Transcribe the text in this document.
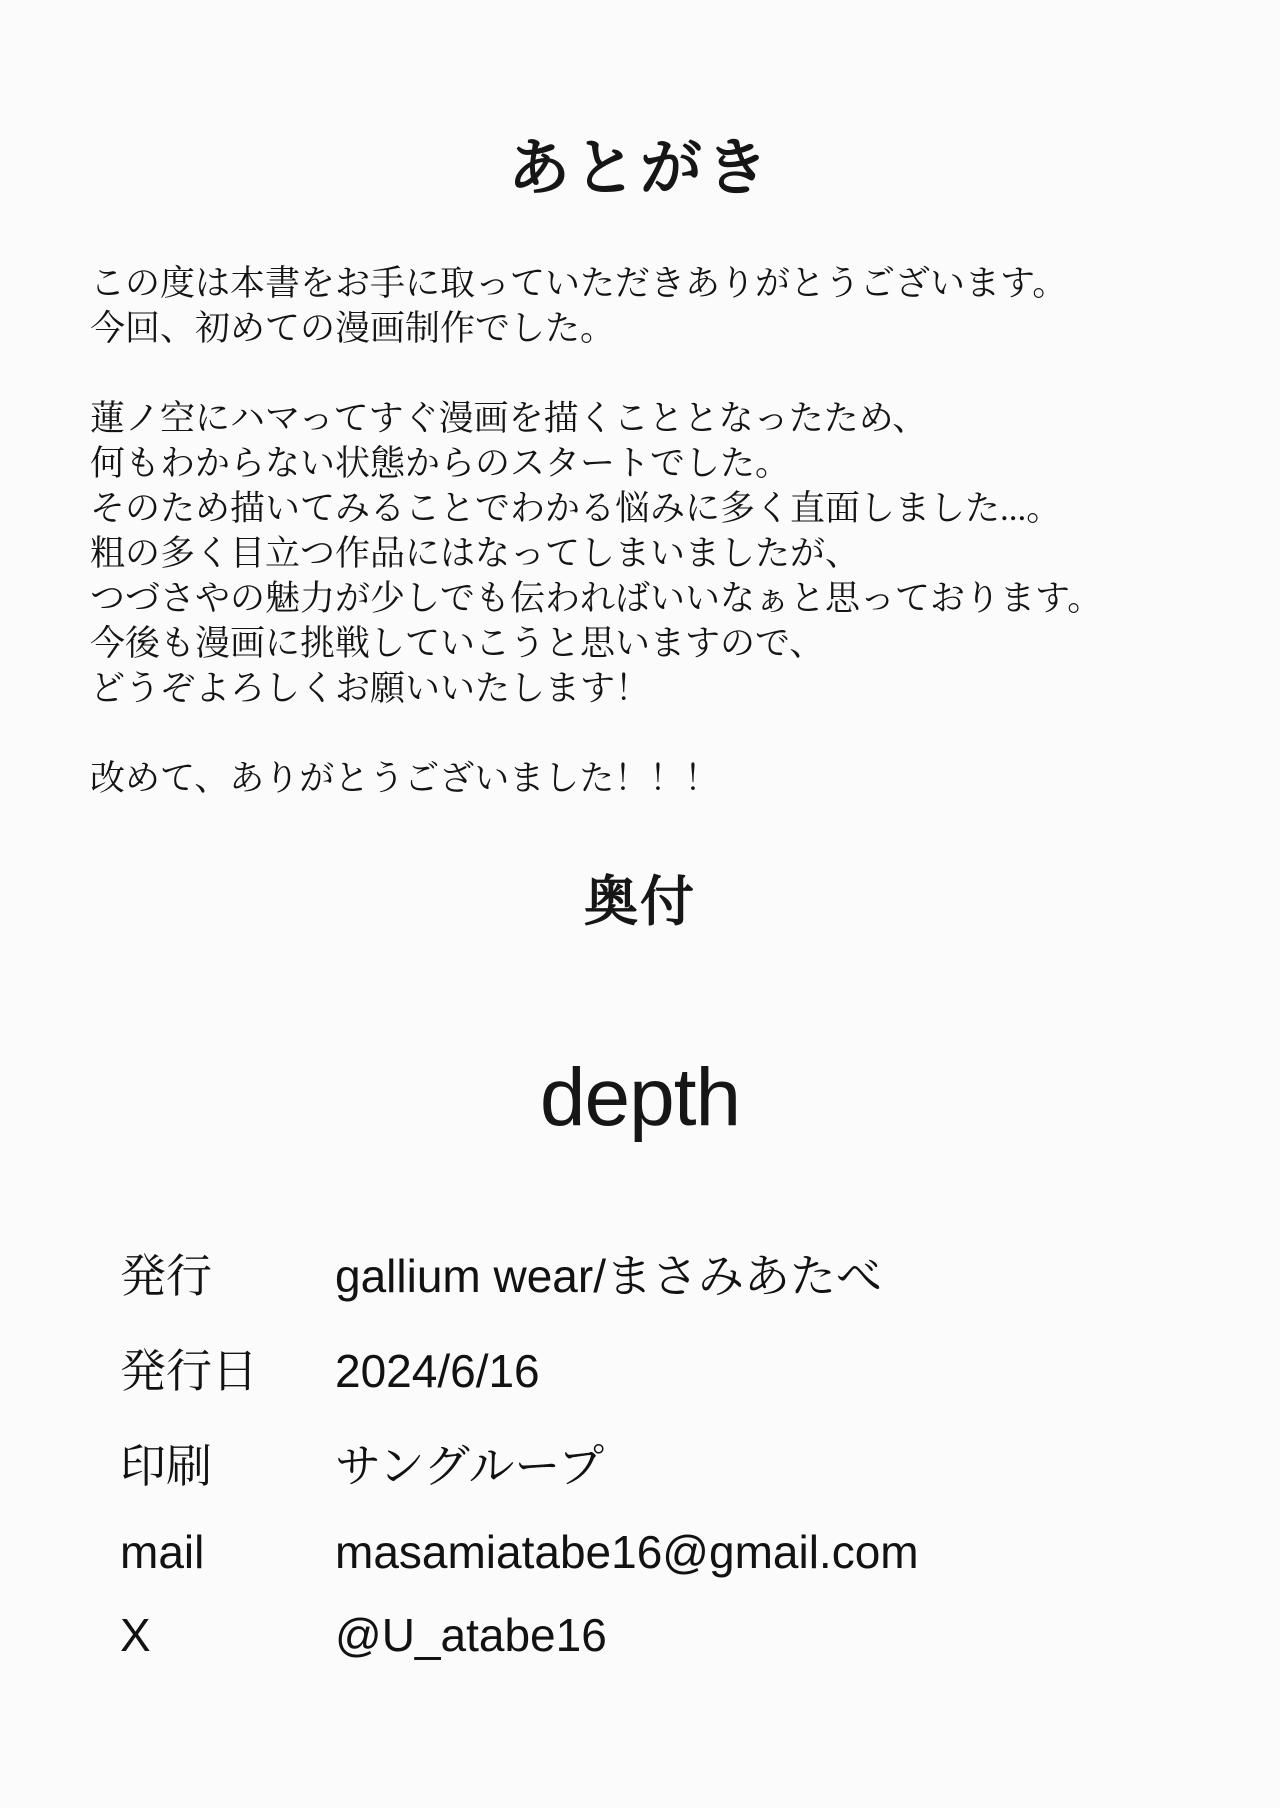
あとがき
この度は本書をお手に取っていただきありがとうございます。
今回、初めての漫画制作でした。
蓮ノ空にハマってすぐ漫画を描くこととなったため、
何もわからない状態からのスタートでした。
そのため描いてみることでわかる悩みに多く直面しました...。
粗の多く目立つ作品にはなってしまいましたが、
つづさやの魅力が少しでも伝わればいいなぁと思っております。
今後も漫画に挑戦していこうと思いますので、
どうぞよろしくお願いいたします！
改めて、ありがとうございました！！！
奥付
depth
発行	gallium wear/まさみあたべ
発行日	2024/6/16
印刷	サングループ
mail	masamiatabe16@gmail.com
X	@U_atabe16
